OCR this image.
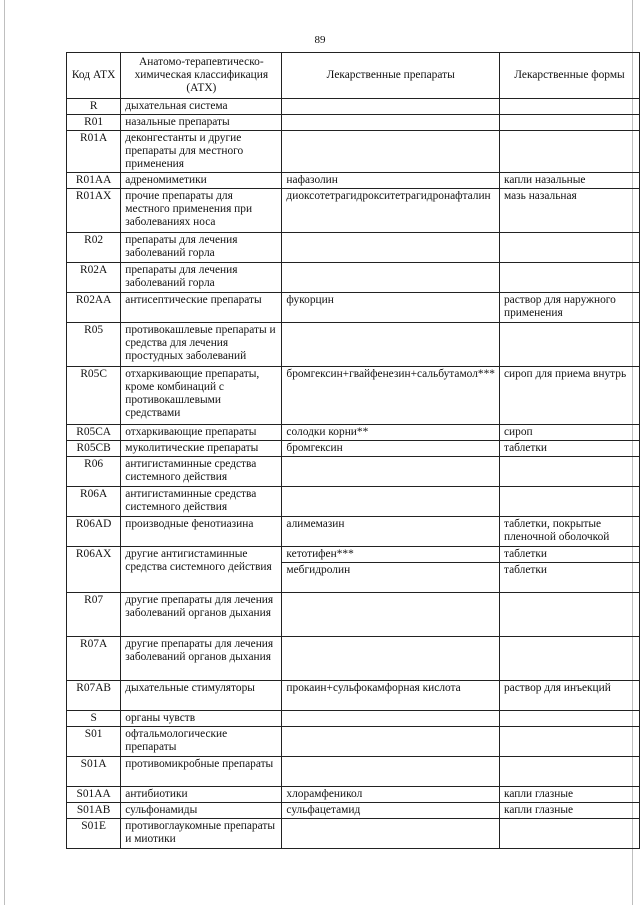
89
Код АТХ	Анатомо-терапевтическо-химическая классификация (АТХ)	Лекарственные препараты	Лекарственные формы
R	дыхательная система		
R01	назальные препараты		
R01A	деконгестанты и другие препараты для местного применения		
R01AA	адреномиметики	нафазолин	капли назальные
R01AX	прочие препараты для местного применения при заболеваниях носа	диоксотетрагидрокситетрагидронафталин	мазь назальная
R02	препараты для лечения заболеваний горла		
R02A	препараты для лечения заболеваний горла		
R02AA	антисептические препараты	фукорцин	раствор для наружного применения
R05	противокашлевые препараты и средства для лечения простудных заболеваний		
R05C	отхаркивающие препараты, кроме комбинаций с противокашлевыми средствами	бромгексин+гвайфенезин+сальбутамол***	сироп для приема внутрь
R05CA	отхаркивающие препараты	солодки корни**	сироп
R05CB	муколитические препараты	бромгексин	таблетки
R06	антигистаминные средства системного действия		
R06A	антигистаминные средства системного действия		
R06AD	производные фенотиазина	алимемазин	таблетки, покрытые пленочной оболочкой
R06AX	другие антигистаминные средства системного действия	кетотифен***	таблетки
		мебгидролин	таблетки
R07	другие препараты для лечения заболеваний органов дыхания		
R07A	другие препараты для лечения заболеваний органов дыхания		
R07AB	дыхательные стимуляторы	прокаин+сульфокамфорная кислота	раствор для инъекций
S	органы чувств		
S01	офтальмологические препараты		
S01A	противомикробные препараты		
S01AA	антибиотики	хлорамфеникол	капли глазные
S01AB	сульфонамиды	сульфацетамид	капли глазные
S01E	противоглаукомные препараты и миотики		
